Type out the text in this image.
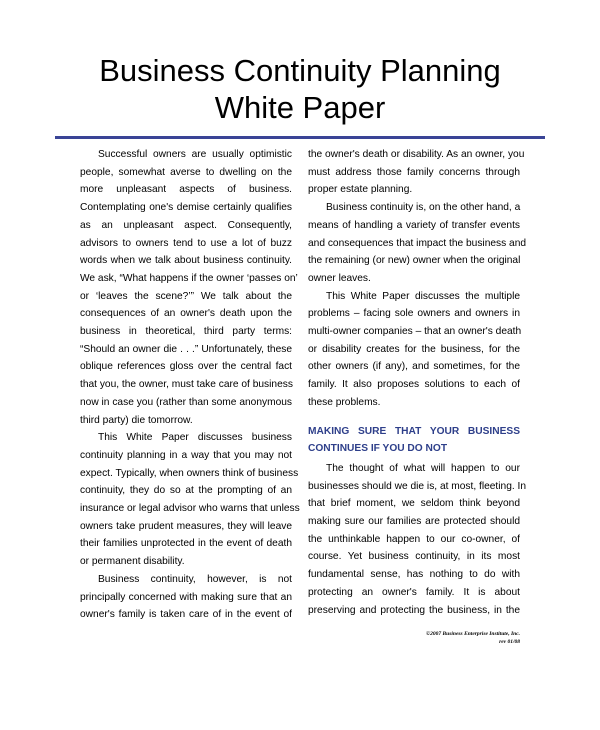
Business Continuity Planning
White Paper
Successful owners are usually optimistic
people, somewhat averse to dwelling on the
more unpleasant aspects of business.
Contemplating one's demise certainly qualifies
as an unpleasant aspect. Consequently,
advisors to owners tend to use a lot of buzz
words when we talk about business continuity.
We ask, “What happens if the owner ‘passes on’
or ‘leaves the scene?’” We talk about the
consequences of an owner's death upon the
business in theoretical, third party terms:
“Should an owner die . . .” Unfortunately, these
oblique references gloss over the central fact
that you, the owner, must take care of business
now in case you (rather than some anonymous
third party) die tomorrow.
This White Paper discusses business
continuity planning in a way that you may not
expect. Typically, when owners think of business
continuity, they do so at the prompting of an
insurance or legal advisor who warns that unless
owners take prudent measures, they will leave
their families unprotected in the event of death
or permanent disability.
Business continuity, however, is not
principally concerned with making sure that an
owner's family is taken care of in the event of
the owner's death or disability. As an owner, you
must address those family concerns through
proper estate planning.
Business continuity is, on the other hand, a
means of handling a variety of transfer events
and consequences that impact the business and
the remaining (or new) owner when the original
owner leaves.
This White Paper discusses the multiple
problems – facing sole owners and owners in
multi-owner companies – that an owner's death
or disability creates for the business, for the
other owners (if any), and sometimes, for the
family. It also proposes solutions to each of
these problems.
MAKING SURE THAT YOUR BUSINESS
CONTINUES IF YOU DO NOT
The thought of what will happen to our
businesses should we die is, at most, fleeting. In
that brief moment, we seldom think beyond
making sure our families are protected should
the unthinkable happen to our co-owner, of
course. Yet business continuity, in its most
fundamental sense, has nothing to do with
protecting an owner's family. It is about
preserving and protecting the business, in the
©2007 Business Enterprise Institute, Inc.
rev 01/08
